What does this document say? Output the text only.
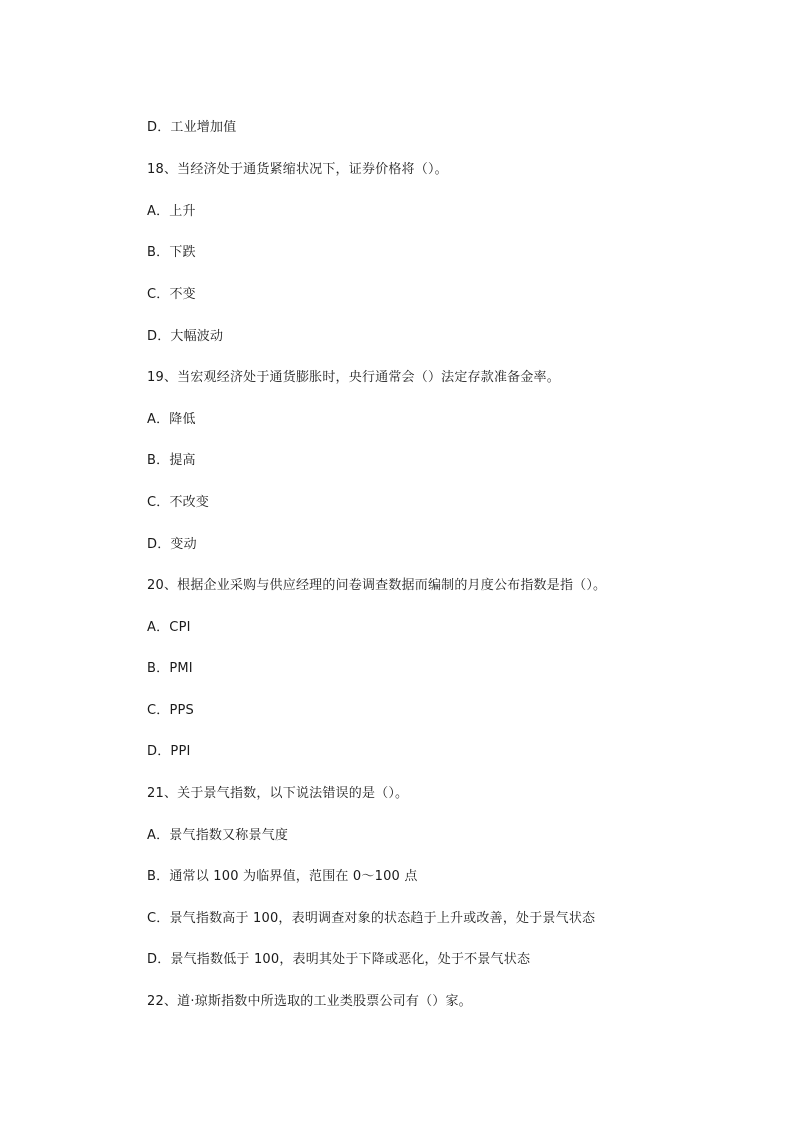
D．工业增加值
18、当经济处于通货紧缩状况下，证券价格将（）。
A．上升
B．下跌
C．不变
D．大幅波动
19、当宏观经济处于通货膨胀时，央行通常会（）法定存款准备金率。
A．降低
B．提高
C．不改变
D．变动
20、根据企业采购与供应经理的问卷调查数据而编制的月度公布指数是指（）。
A．CPI
B．PMI
C．PPS
D．PPI
21、关于景气指数，以下说法错误的是（）。
A．景气指数又称景气度
B．通常以 100 为临界值，范围在 0～100 点
C．景气指数高于 100，表明调查对象的状态趋于上升或改善，处于景气状态
D．景气指数低于 100，表明其处于下降或恶化，处于不景气状态
22、道·琼斯指数中所选取的工业类股票公司有（）家。
